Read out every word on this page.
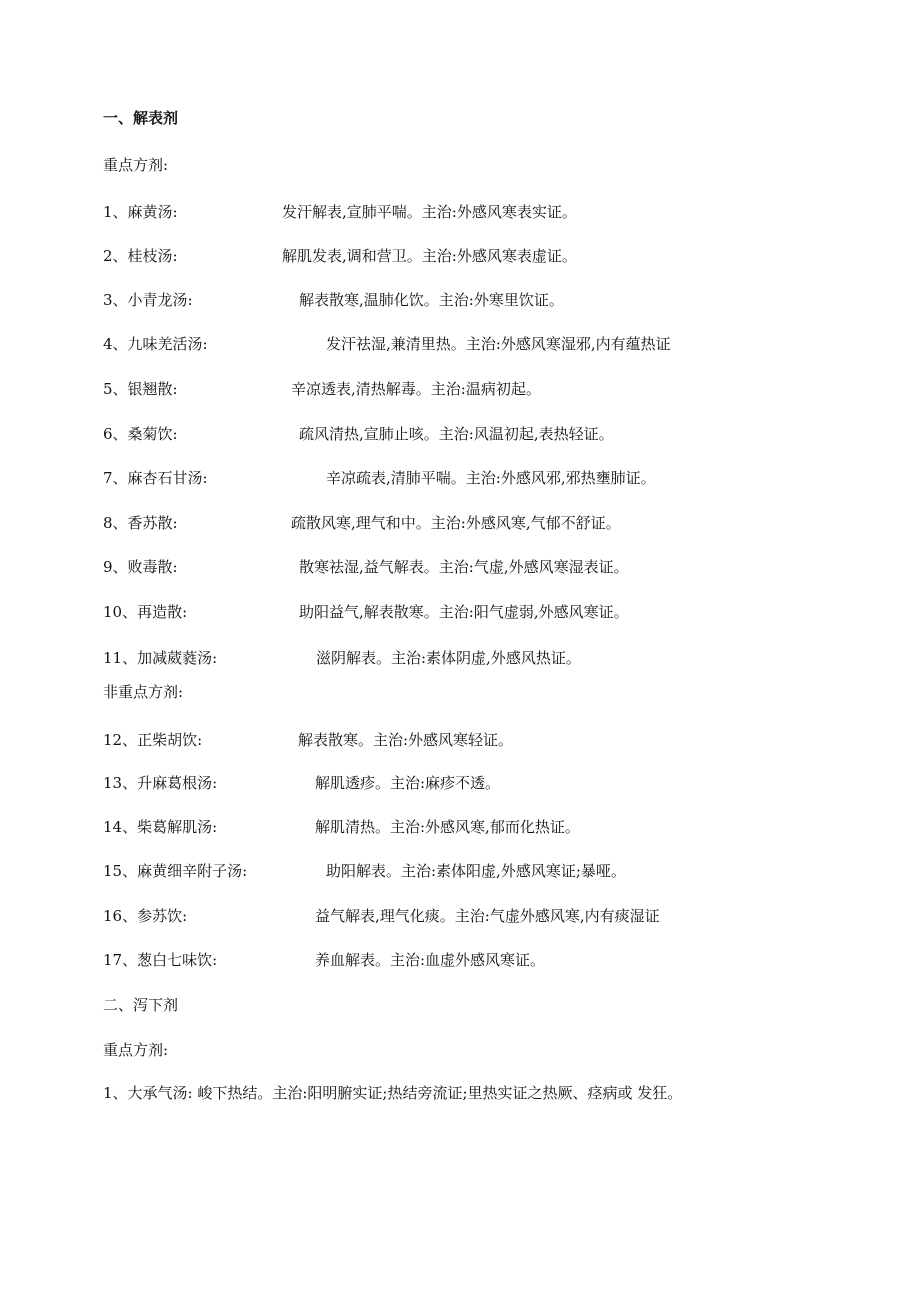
一、解表剂
重点方剂:
1、麻黄汤:	发汗解表,宣肺平喘。主治:外感风寒表实证。
2、桂枝汤:	解肌发表,调和营卫。主治:外感风寒表虚证。
3、小青龙汤:	解表散寒,温肺化饮。主治:外寒里饮证。
4、九味羌活汤:	发汗祛湿,兼清里热。主治:外感风寒湿邪,内有蕴热证
5、银翘散:	辛凉透表,清热解毒。主治:温病初起。
6、桑菊饮:	疏风清热,宣肺止咳。主治:风温初起,表热轻证。
7、麻杏石甘汤:	辛凉疏表,清肺平喘。主治:外感风邪,邪热壅肺证。
8、香苏散:	疏散风寒,理气和中。主治:外感风寒,气郁不舒证。
9、败毒散:	散寒祛湿,益气解表。主治:气虚,外感风寒湿表证。
10、再造散:	助阳益气,解表散寒。主治:阳气虚弱,外感风寒证。
11、加减葳蕤汤:	滋阴解表。主治:素体阴虚,外感风热证。
非重点方剂:
12、正柴胡饮:	解表散寒。主治:外感风寒轻证。
13、升麻葛根汤:	解肌透疹。主治:麻疹不透。
14、柴葛解肌汤:	解肌清热。主治:外感风寒,郁而化热证。
15、麻黄细辛附子汤:	助阳解表。主治:素体阳虚,外感风寒证;暴哑。
16、参苏饮:	益气解表,理气化痰。主治:气虚外感风寒,内有痰湿证
17、葱白七味饮:	养血解表。主治:血虚外感风寒证。
二、泻下剂
重点方剂:
1、大承气汤: 峻下热结。主治:阳明腑实证;热结旁流证;里热实证之热厥、痉病或 发狂。
